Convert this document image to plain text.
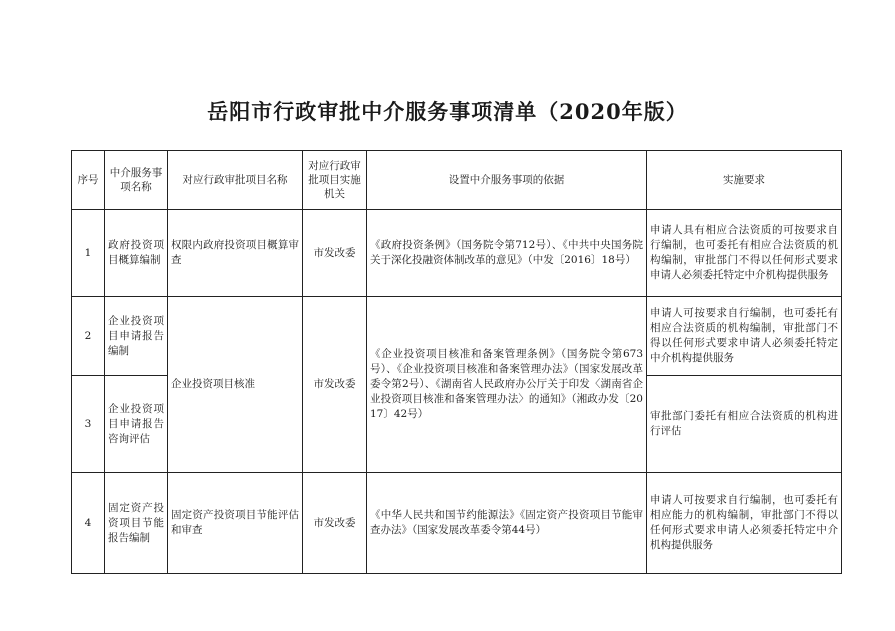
岳阳市行政审批中介服务事项清单（2020年版）
序号	中介服务事项名称	对应行政审批项目名称	对应行政审批项目实施机关	设置中介服务事项的依据	实施要求
1	政府投资项目概算编制	权限内政府投资项目概算审查	市发改委	《政府投资条例》（国务院令第712号）、《中共中央国务院关于深化投融资体制改革的意见》（中发〔2016〕18号）	申请人具有相应合法资质的可按要求自行编制，也可委托有相应合法资质的机构编制，审批部门不得以任何形式要求申请人必须委托特定中介机构提供服务
2	企业投资项目申请报告编制	企业投资项目核准	市发改委	《企业投资项目核准和备案管理条例》（国务院令第673号）、《企业投资项目核准和备案管理办法》（国家发展改革委令第2号）、《湖南省人民政府办公厅关于印发〈湖南省企业投资项目核准和备案管理办法〉的通知》（湘政办发〔2017〕42号）	申请人可按要求自行编制，也可委托有相应合法资质的机构编制，审批部门不得以任何形式要求申请人必须委托特定中介机构提供服务
3	企业投资项目申请报告咨询评估				审批部门委托有相应合法资质的机构进行评估
4	固定资产投资项目节能报告编制	固定资产投资项目节能评估和审查	市发改委	《中华人民共和国节约能源法》《固定资产投资项目节能审查办法》（国家发展改革委令第44号）	申请人可按要求自行编制，也可委托有相应能力的机构编制，审批部门不得以任何形式要求申请人必须委托特定中介机构提供服务
